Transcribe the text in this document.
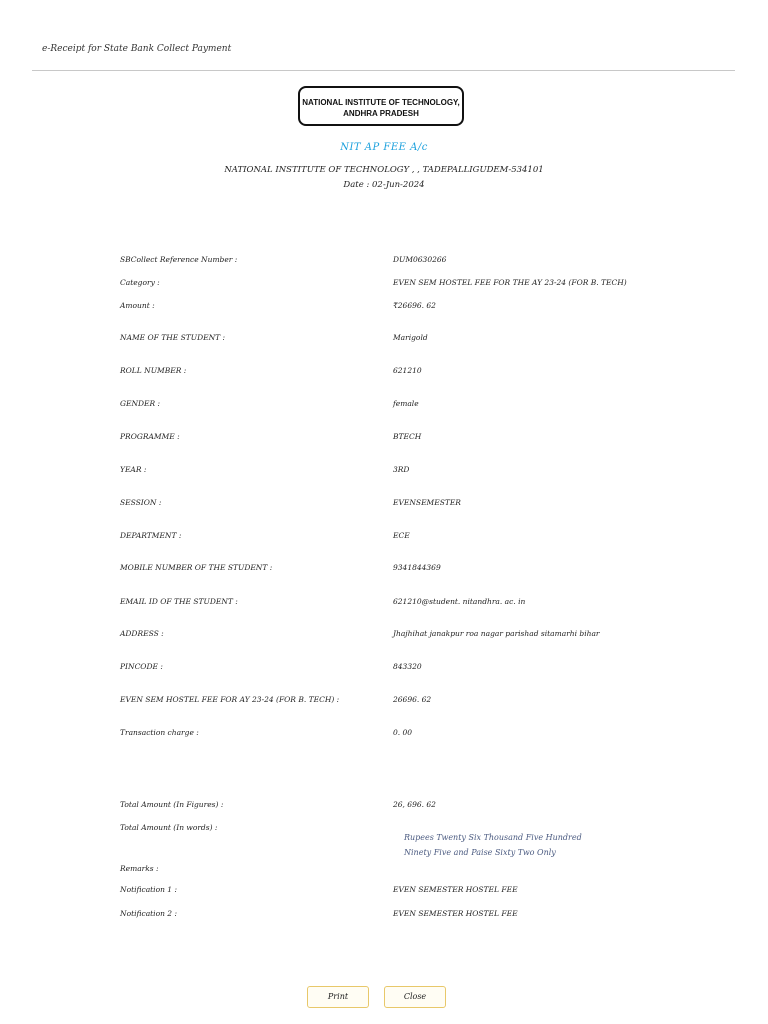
e-Receipt for State Bank Collect Payment
NATIONAL INSTITUTE OF TECHNOLOGY,
ANDHRA PRADESH
NIT AP FEE A/c
NATIONAL INSTITUTE OF TECHNOLOGY , , TADEPALLIGUDEM-534101
Date : 02-Jun-2024
SBCollect Reference Number :	DUM0630266
Category :	EVEN SEM HOSTEL FEE FOR THE AY 23-24 (FOR B. TECH)
Amount :	₹26696. 62
NAME OF THE STUDENT :	Marigold
ROLL NUMBER :	621210
GENDER :	female
PROGRAMME :	BTECH
YEAR :	3RD
SESSION :	EVENSEMESTER
DEPARTMENT :	ECE
MOBILE NUMBER OF THE STUDENT :	9341844369
EMAIL ID OF THE STUDENT :	621210@student. nitandhra. ac. in
ADDRESS :	Jhajhihat janakpur roa nagar parishad sitamarhi bihar
PINCODE :	843320
EVEN SEM HOSTEL FEE FOR AY 23-24 (FOR B. TECH) :	26696. 62
Transaction charge :	0. 00
Total Amount (In Figures) :	26, 696. 62
Total Amount (In words) :
Rupees Twenty Six Thousand Five Hundred
Ninety Five and Paise Sixty Two Only
Remarks :
Notification 1 :	EVEN SEMESTER HOSTEL FEE
Notification 2 :	EVEN SEMESTER HOSTEL FEE
Print	Close
